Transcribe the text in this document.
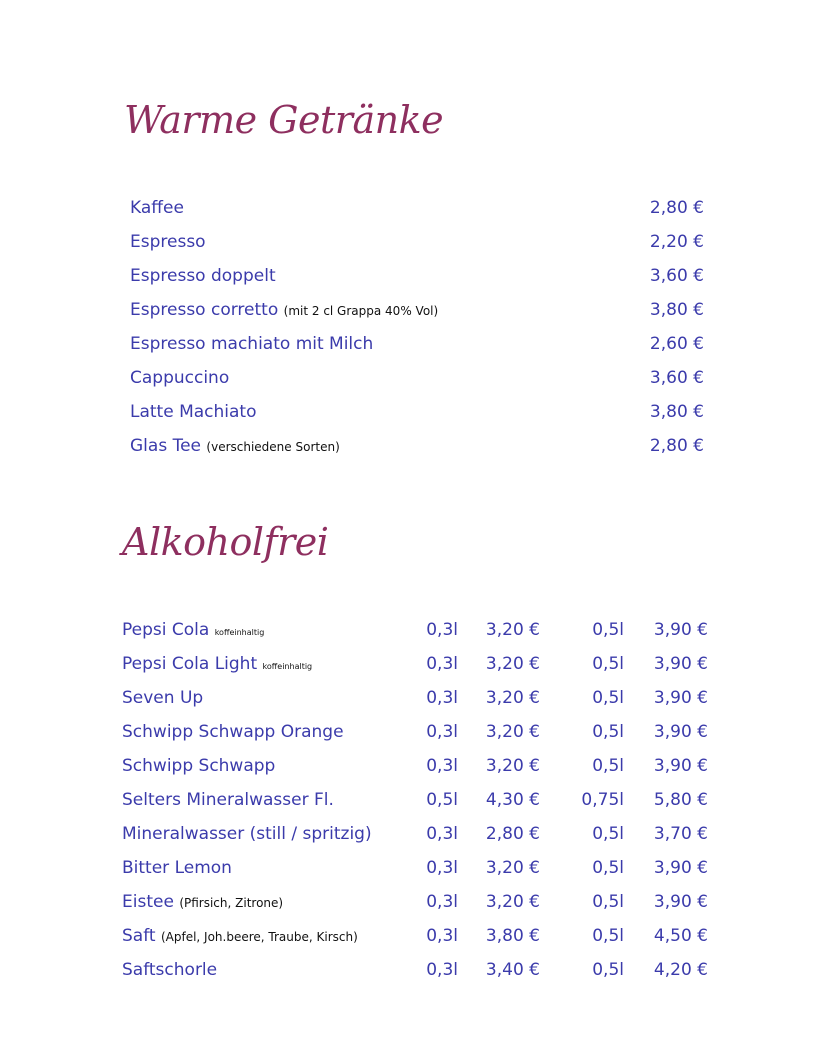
Warme Getränke
Kaffee	2,80 €
Espresso	2,20 €
Espresso doppelt	3,60 €
Espresso corretto (mit 2 cl Grappa 40% Vol)	3,80 €
Espresso machiato mit Milch	2,60 €
Cappuccino	3,60 €
Latte Machiato	3,80 €
Glas Tee (verschiedene Sorten)	2,80 €
Alkoholfrei
Pepsi Cola koffeinhaltig	0,3l 3,20 €	0,5l 3,90 €
Pepsi Cola Light koffeinhaltig	0,3l 3,20 €	0,5l 3,90 €
Seven Up	0,3l 3,20 €	0,5l 3,90 €
Schwipp Schwapp Orange	0,3l 3,20 €	0,5l 3,90 €
Schwipp Schwapp	0,3l 3,20 €	0,5l 3,90 €
Selters Mineralwasser Fl.	0,5l 4,30 € 0,75l 5,80 €
Mineralwasser (still / spritzig)	0,3l 2,80 €	0,5l 3,70 €
Bitter Lemon	0,3l 3,20 €	0,5l 3,90 €
Eistee (Pfirsich, Zitrone)	0,3l 3,20 €	0,5l 3,90 €
Saft (Apfel, Joh.beere, Traube, Kirsch)	0,3l 3,80 €	0,5l 4,50 €
Saftschorle	0,3l 3,40 €	0,5l 4,20 €
